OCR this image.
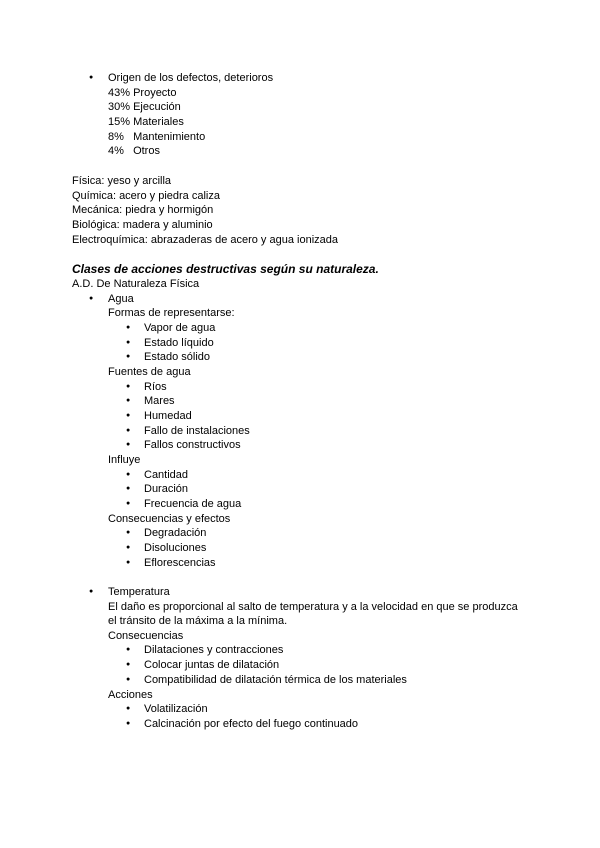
● Origen de los defectos, deterioros
43% Proyecto
30% Ejecución
15% Materiales
8%   Mantenimiento
4%   Otros
Física: yeso y arcilla
Química: acero y piedra caliza
Mecánica: piedra y hormigón
Biológica: madera y aluminio
Electroquímica: abrazaderas de acero y agua ionizada
Clases de acciones destructivas según su naturaleza.
A.D. De Naturaleza Física
● Agua
Formas de representarse:
● Vapor de agua
● Estado líquido
● Estado sólido
Fuentes de agua
● Ríos
● Mares
● Humedad
● Fallo de instalaciones
● Fallos constructivos
Influye
● Cantidad
● Duración
● Frecuencia de agua
Consecuencias y efectos
● Degradación
● Disoluciones
● Eflorescencias
● Temperatura
El daño es proporcional al salto de temperatura y a la velocidad en que se produzca
el tránsito de la máxima a la mínima.
Consecuencias
● Dilataciones y contracciones
● Colocar juntas de dilatación
● Compatibilidad de dilatación térmica de los materiales
Acciones
● Volatilización
● Calcinación por efecto del fuego continuado
